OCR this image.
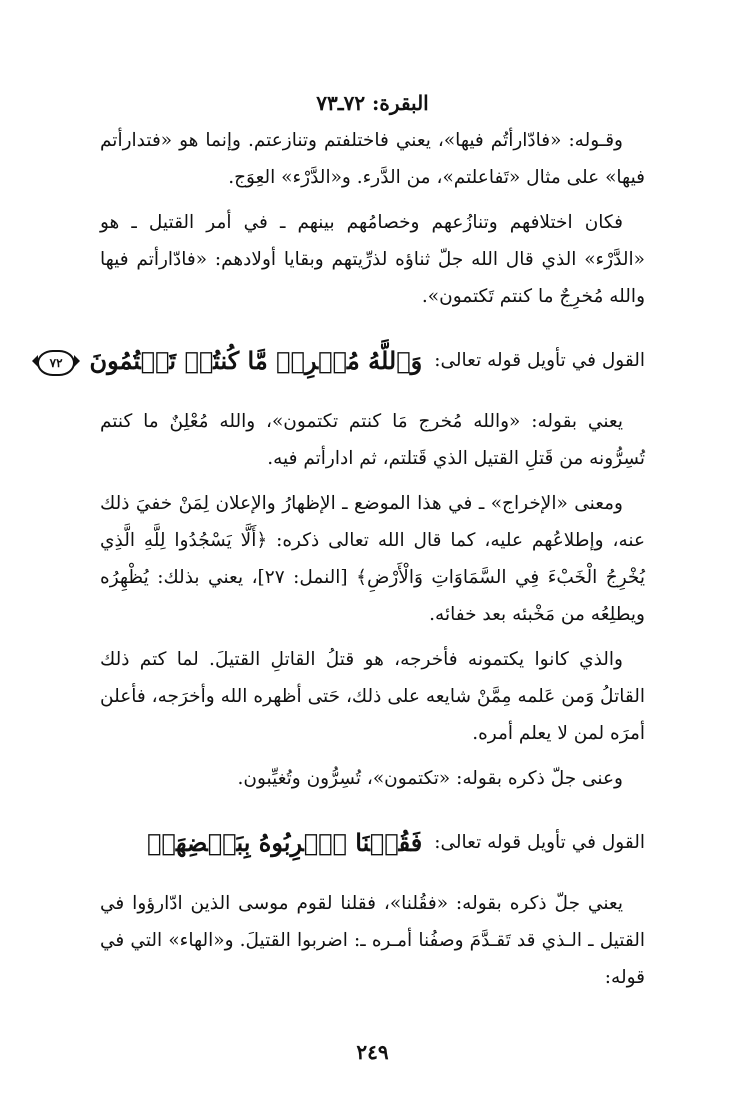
البقرة: ٧٢ـ٧٣

وقـوله: «فادّارأتُم فيها»، يعني فاختلفتم وتنازعتم. وإنما هو «فتدارأتم فيها» على مثال «تَفاعلتم»، من الدَّرء. و«الدَّرْء» العِوَج.

فكان اختلافهم وتنازُعهم وخصامُهم بينهم ـ في أمر القتيل ـ هو «الدَّرْء» الذي قال الله جلّ ثناؤه لذرِّيتهم وبقايا أولادهم: «فادّارأتم فيها والله مُخرِجٌ ما كنتم تَكتمون».

القول في تأويل قوله تعالى:
وَٱللَّهُ مُخۡرِجٞ مَّا كُنتُمۡ تَكۡتُمُونَ ٧٢

يعني بقوله: «والله مُخرج مَا كنتم تكتمون»، والله مُعْلِنٌ ما كنتم تُسِرُّونه من قَتلِ القتيل الذي قَتلتم، ثم ادارأتم فيه.

ومعنى «الإخراج» ـ في هذا الموضع ـ الإظهارُ والإعلان لِمَنْ خفيَ ذلك عنه، وإطلاعُهم عليه، كما قال الله تعالى ذكره: ﴿أَلَّا يَسْجُدُوا لِلَّهِ الَّذِي يُخْرِجُ الْخَبْءَ فِي السَّمَاوَاتِ وَالْأَرْضِ﴾ [النمل: ٢٧]، يعني بذلك: يُظْهِرُه ويطلِعُه من مَخْبئه بعد خفائه.

والذي كانوا يكتمونه فأخرجه، هو قتلُ القاتلِ القتيلَ. لما كتم ذلك القاتلُ وَمن عَلمه مِمَّنْ شايعه على ذلك، حَتى أظهره الله وأخرَجه، فأعلن أمرَه لمن لا يعلم أمره.

وعنى جلّ ذكره بقوله: «تكتمون»، تُسِرُّون وتُغيِّبون.

القول في تأويل قوله تعالى:
فَقُلۡنَا ٱضۡرِبُوهُ بِبَعۡضِهَاۚ

يعني جلّ ذكره بقوله: «فقُلنا»، فقلنا لقوم موسى الذين ادّارؤوا في القتيل ـ الـذي قد تَقـدَّمَ وصفُنا أمـره ـ: اضربوا القتيلَ. و«الهاء» التي في قوله:

٢٤٩
